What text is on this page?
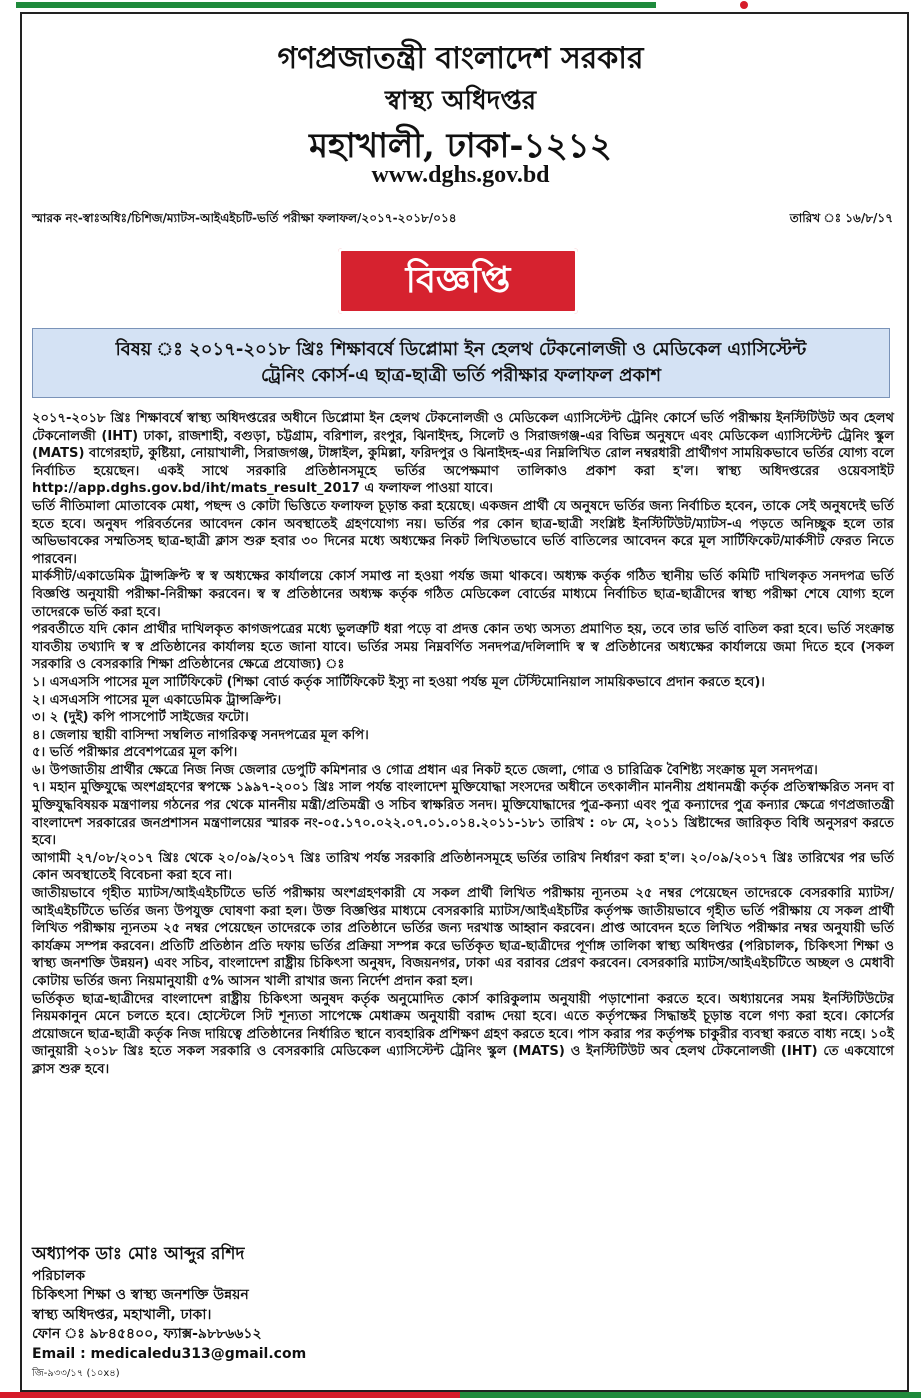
গণপ্রজাতন্ত্রী বাংলাদেশ সরকার
স্বাস্থ্য অধিদপ্তর
মহাখালী, ঢাকা-১২১২
www.dghs.gov.bd
স্মারক নং-স্বাঃঅধিঃ/চিশিজ/ম্যাটস-আইএইচটি-ভর্তি পরীক্ষা ফলাফল/২০১৭-২০১৮/০১৪	তারিখ ঃ ১৬/৮/১৭
বিজ্ঞপ্তি
বিষয় ঃ ২০১৭-২০১৮ খ্রিঃ শিক্ষাবর্ষে ডিপ্লোমা ইন হেলথ টেকনোলজী ও মেডিকেল এ্যাসিস্টেন্ট
ট্রেনিং কোর্স-এ ছাত্র-ছাত্রী ভর্তি পরীক্ষার ফলাফল প্রকাশ

২০১৭-২০১৮ খ্রিঃ শিক্ষাবর্ষে স্বাস্থ্য অধিদপ্তরের অধীনে ডিপ্লোমা ইন হেলথ টেকনোলজী ও মেডিকেল এ্যাসিস্টেন্ট ট্রেনিং কোর্সে ভর্তি পরীক্ষায় ইনস্টিটিউট অব হেলথ টেকনোলজী (IHT) ঢাকা, রাজশাহী, বগুড়া, চট্টগ্রাম, বরিশাল, রংপুর, ঝিনাইদহ, সিলেট ও সিরাজগঞ্জ-এর বিভিন্ন অনুষদে এবং মেডিকেল এ্যাসিস্টেন্ট ট্রেনিং স্কুল (MATS) বাগেরহাট, কুষ্টিয়া, নোয়াখালী, সিরাজগঞ্জ, টাঙ্গাইল, কুমিল্লা, ফরিদপুর ও ঝিনাইদহ-এর নিম্নলিখিত রোল নম্বরধারী প্রার্থীগণ সাময়িকভাবে ভর্তির যোগ্য বলে নির্বাচিত হয়েছেন। একই সাথে সরকারি প্রতিষ্ঠানসমূহে ভর্তির অপেক্ষমাণ তালিকাও প্রকাশ করা হ'ল। স্বাস্থ্য অধিদপ্তরের ওয়েবসাইট http://app.dghs.gov.bd/iht/mats_result_2017 এ ফলাফল পাওয়া যাবে।

ভর্তি নীতিমালা মোতাবেক মেধা, পছন্দ ও কোটা ভিত্তিতে ফলাফল চূড়ান্ত করা হয়েছে। একজন প্রার্থী যে অনুষদে ভর্তির জন্য নির্বাচিত হবেন, তাকে সেই অনুষদেই ভর্তি হতে হবে। অনুষদ পরিবর্তনের আবেদন কোন অবস্থাতেই গ্রহণযোগ্য নয়। ভর্তির পর কোন ছাত্র-ছাত্রী সংশ্লিষ্ট ইনস্টিটিউট/ম্যাটস-এ পড়তে অনিচ্ছুক হলে তার অভিভাবকের সম্মতিসহ ছাত্র-ছাত্রী ক্লাস শুরু হবার ৩০ দিনের মধ্যে অধ্যক্ষের নিকট লিখিতভাবে ভর্তি বাতিলের আবেদন করে মূল সার্টিফিকেট/মার্কসীট ফেরত নিতে পারবেন।

মার্কসীট/একাডেমিক ট্রান্সক্রিপ্ট স্ব স্ব অধ্যক্ষের কার্যালয়ে কোর্স সমাপ্ত না হওয়া পর্যন্ত জমা থাকবে। অধ্যক্ষ কর্তৃক গঠিত স্থানীয় ভর্তি কমিটি দাখিলকৃত সনদপত্র ভর্তি বিজ্ঞপ্তি অনুযায়ী পরীক্ষা-নিরীক্ষা করবেন। স্ব স্ব প্রতিষ্ঠানের অধ্যক্ষ কর্তৃক গঠিত মেডিকেল বোর্ডের মাধ্যমে নির্বাচিত ছাত্র-ছাত্রীদের স্বাস্থ্য পরীক্ষা শেষে যোগ্য হলে তাদেরকে ভর্তি করা হবে।

পরবর্তীতে যদি কোন প্রার্থীর দাখিলকৃত কাগজপত্রের মধ্যে ভুলত্রুটি ধরা পড়ে বা প্রদত্ত কোন তথ্য অসত্য প্রমাণিত হয়, তবে তার ভর্তি বাতিল করা হবে। ভর্তি সংক্রান্ত যাবতীয় তথ্যাদি স্ব স্ব প্রতিষ্ঠানের কার্যালয় হতে জানা যাবে। ভর্তির সময় নিম্নবর্ণিত সনদপত্র/দলিলাদি স্ব স্ব প্রতিষ্ঠানের অধ্যক্ষের কার্যালয়ে জমা দিতে হবে (সকল সরকারি ও বেসরকারি শিক্ষা প্রতিষ্ঠানের ক্ষেত্রে প্রযোজ্য) ঃ

১। এসএসসি পাসের মূল সার্টিফিকেট (শিক্ষা বোর্ড কর্তৃক সার্টিফিকেট ইস্যু না হওয়া পর্যন্ত মূল টেস্টিমোনিয়াল সাময়িকভাবে প্রদান করতে হবে)।

২। এসএসসি পাসের মূল একাডেমিক ট্রান্সক্রিপ্ট।

৩। ২ (দুই) কপি পাসপোর্ট সাইজের ফটো।

৪। জেলায় স্থায়ী বাসিন্দা সম্বলিত নাগরিকত্ব সনদপত্রের মূল কপি।

৫। ভর্তি পরীক্ষার প্রবেশপত্রের মূল কপি।

৬। উপজাতীয় প্রার্থীর ক্ষেত্রে নিজ নিজ জেলার ডেপুটি কমিশনার ও গোত্র প্রধান এর নিকট হতে জেলা, গোত্র ও চারিত্রিক বৈশিষ্ট্য সংক্রান্ত মূল সনদপত্র।

৭। মহান মুক্তিযুদ্ধে অংশগ্রহণের স্বপক্ষে ১৯৯৭-২০০১ খ্রিঃ সাল পর্যন্ত বাংলাদেশ মুক্তিযোদ্ধা সংসদের অধীনে তৎকালীন মাননীয় প্রধানমন্ত্রী কর্তৃক প্রতিস্বাক্ষরিত সনদ বা মুক্তিযুদ্ধবিষয়ক মন্ত্রণালয় গঠনের পর থেকে মাননীয় মন্ত্রী/প্রতিমন্ত্রী ও সচিব স্বাক্ষরিত সনদ। মুক্তিযোদ্ধাদের পুত্র-কন্যা এবং পুত্র কন্যাদের পুত্র কন্যার ক্ষেত্রে গণপ্রজাতন্ত্রী বাংলাদেশ সরকারের জনপ্রশাসন মন্ত্রণালয়ের স্মারক নং-০৫.১৭০.০২২.০৭.০১.০১৪.২০১১-১৮১ তারিখ : ০৮ মে, ২০১১ খ্রিষ্টাব্দের জারিকৃত বিধি অনুসরণ করতে হবে।

আগামী ২৭/০৮/২০১৭ খ্রিঃ থেকে ২০/০৯/২০১৭ খ্রিঃ তারিখ পর্যন্ত সরকারি প্রতিষ্ঠানসমূহে ভর্তির তারিখ নির্ধারণ করা হ'ল। ২০/০৯/২০১৭ খ্রিঃ তারিখের পর ভর্তি কোন অবস্থাতেই বিবেচনা করা হবে না।

জাতীয়ভাবে গৃহীত ম্যাটস/আইএইচটিতে ভর্তি পরীক্ষায় অংশগ্রহণকারী যে সকল প্রার্থী লিখিত পরীক্ষায় ন্যূনতম ২৫ নম্বর পেয়েছেন তাদেরকে বেসরকারি ম্যাটস/আইএইচটিতে ভর্তির জন্য উপযুক্ত ঘোষণা করা হল। উক্ত বিজ্ঞপ্তির মাধ্যমে বেসরকারি ম্যাটস/আইএইচটির কর্তৃপক্ষ জাতীয়ভাবে গৃহীত ভর্তি পরীক্ষায় যে সকল প্রার্থী লিখিত পরীক্ষায় ন্যূনতম ২৫ নম্বর পেয়েছেন তাদেরকে তার প্রতিষ্ঠানে ভর্তির জন্য দরখাস্ত আহ্বান করবেন। প্রাপ্ত আবেদন হতে লিখিত পরীক্ষার নম্বর অনুযায়ী ভর্তি কার্যক্রম সম্পন্ন করবেন। প্রতিটি প্রতিষ্ঠান প্রতি দফায় ভর্তির প্রক্রিয়া সম্পন্ন করে ভর্তিকৃত ছাত্র-ছাত্রীদের পূর্ণাঙ্গ তালিকা স্বাস্থ্য অধিদপ্তর (পরিচালক, চিকিৎসা শিক্ষা ও স্বাস্থ্য জনশক্তি উন্নয়ন) এবং সচিব, বাংলাদেশ রাষ্ট্রীয় চিকিৎসা অনুষদ, বিজয়নগর, ঢাকা এর বরাবর প্রেরণ করবেন। বেসরকারি ম্যাটস/আইএইচটিতে অচ্ছল ও মেধাবী কোটায় ভর্তির জন্য নিয়মানুযায়ী ৫% আসন খালী রাখার জন্য নির্দেশ প্রদান করা হল।

ভর্তিকৃত ছাত্র-ছাত্রীদের বাংলাদেশ রাষ্ট্রীয় চিকিৎসা অনুষদ কর্তৃক অনুমোদিত কোর্স কারিকুলাম অনুযায়ী পড়াশোনা করতে হবে। অধ্যায়নের সময় ইনস্টিটিউটের নিয়মকানুন মেনে চলতে হবে। হোস্টেলে সিট শূন্যতা সাপেক্ষে মেধাক্রম অনুযায়ী বরাদ্দ দেয়া হবে। এতে কর্তৃপক্ষের সিদ্ধান্তই চূড়ান্ত বলে গণ্য করা হবে। কোর্সের প্রয়োজনে ছাত্র-ছাত্রী কর্তৃক নিজ দায়িত্বে প্রতিষ্ঠানের নির্ধারিত স্থানে ব্যবহারিক প্রশিক্ষণ গ্রহণ করতে হবে। পাস করার পর কর্তৃপক্ষ চাকুরীর ব্যবস্থা করতে বাধ্য নহে। ১০ই জানুয়ারী ২০১৮ খ্রিঃ হতে সকল সরকারি ও বেসরকারি মেডিকেল এ্যাসিস্টেন্ট ট্রেনিং স্কুল (MATS) ও ইনস্টিটিউট অব হেলথ টেকনোলজী (IHT) তে একযোগে ক্লাস শুরু হবে।

অধ্যাপক ডাঃ মোঃ আব্দুর রশিদ
পরিচালক
চিকিৎসা শিক্ষা ও স্বাস্থ্য জনশক্তি উন্নয়ন
স্বাস্থ্য অধিদপ্তর, মহাখালী, ঢাকা।
ফোন ঃ ৯৮৪৫৪০০, ফ্যাক্স-৯৮৮৬৬১২
Email : medicaledu313@gmail.com
জি-৯৩৩/১৭ (১০x৪)
